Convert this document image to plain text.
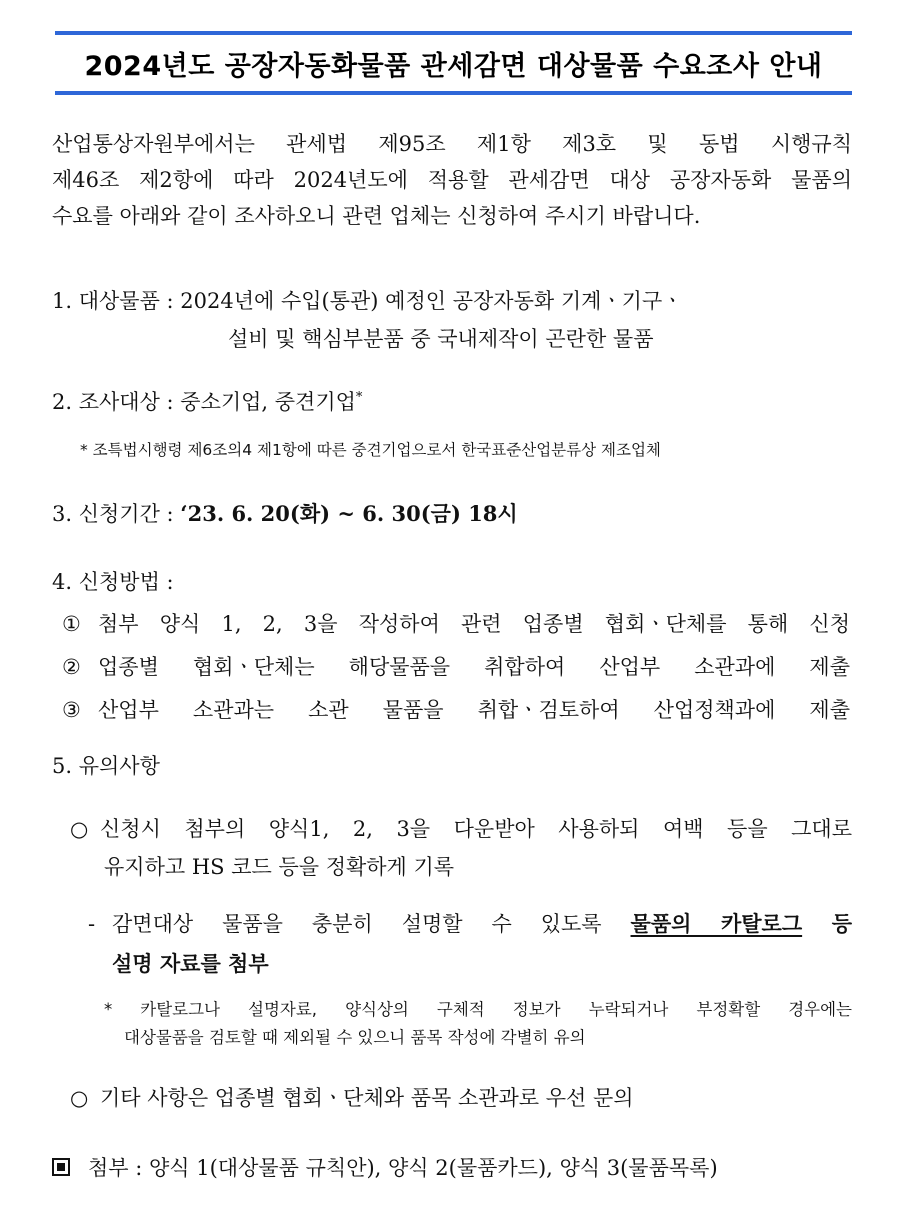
2024년도 공장자동화물품 관세감면 대상물품 수요조사 안내
산업통상자원부에서는 관세법 제95조 제1항 제3호 및 동법 시행규칙
제46조 제2항에 따라 2024년도에 적용할 관세감면 대상 공장자동화 물품의
수요를 아래와 같이 조사하오니 관련 업체는 신청하여 주시기 바랍니다.
1. 대상물품 : 2024년에 수입(통관) 예정인 공장자동화 기계ㆍ기구ㆍ
설비 및 핵심부분품 중 국내제작이 곤란한 물품
2. 조사대상 : 중소기업, 중견기업*
* 조특법시행령 제6조의4 제1항에 따른 중견기업으로서 한국표준산업분류상 제조업체
3. 신청기간 : ‘23. 6. 20(화) ~ 6. 30(금) 18시
4. 신청방법 :
① 첨부 양식 1, 2, 3을 작성하여 관련 업종별 협회ㆍ단체를 통해 신청
② 업종별 협회ㆍ단체는 해당물품을 취합하여 산업부 소관과에 제출
③ 산업부 소관과는 소관 물품을 취합ㆍ검토하여 산업정책과에 제출
5. 유의사항
○ 신청시 첨부의 양식1, 2, 3을 다운받아 사용하되 여백 등을 그대로
유지하고 HS 코드 등을 정확하게 기록
- 감면대상 물품을 충분히 설명할 수 있도록 물품의 카탈로그 등
설명 자료를 첨부
* 카탈로그나 설명자료, 양식상의 구체적 정보가 누락되거나 부정확할 경우에는
대상물품을 검토할 때 제외될 수 있으니 품목 작성에 각별히 유의
○ 기타 사항은 업종별 협회ㆍ단체와 품목 소관과로 우선 문의
첨부 : 양식 1(대상물품 규칙안), 양식 2(물품카드), 양식 3(물품목록)
